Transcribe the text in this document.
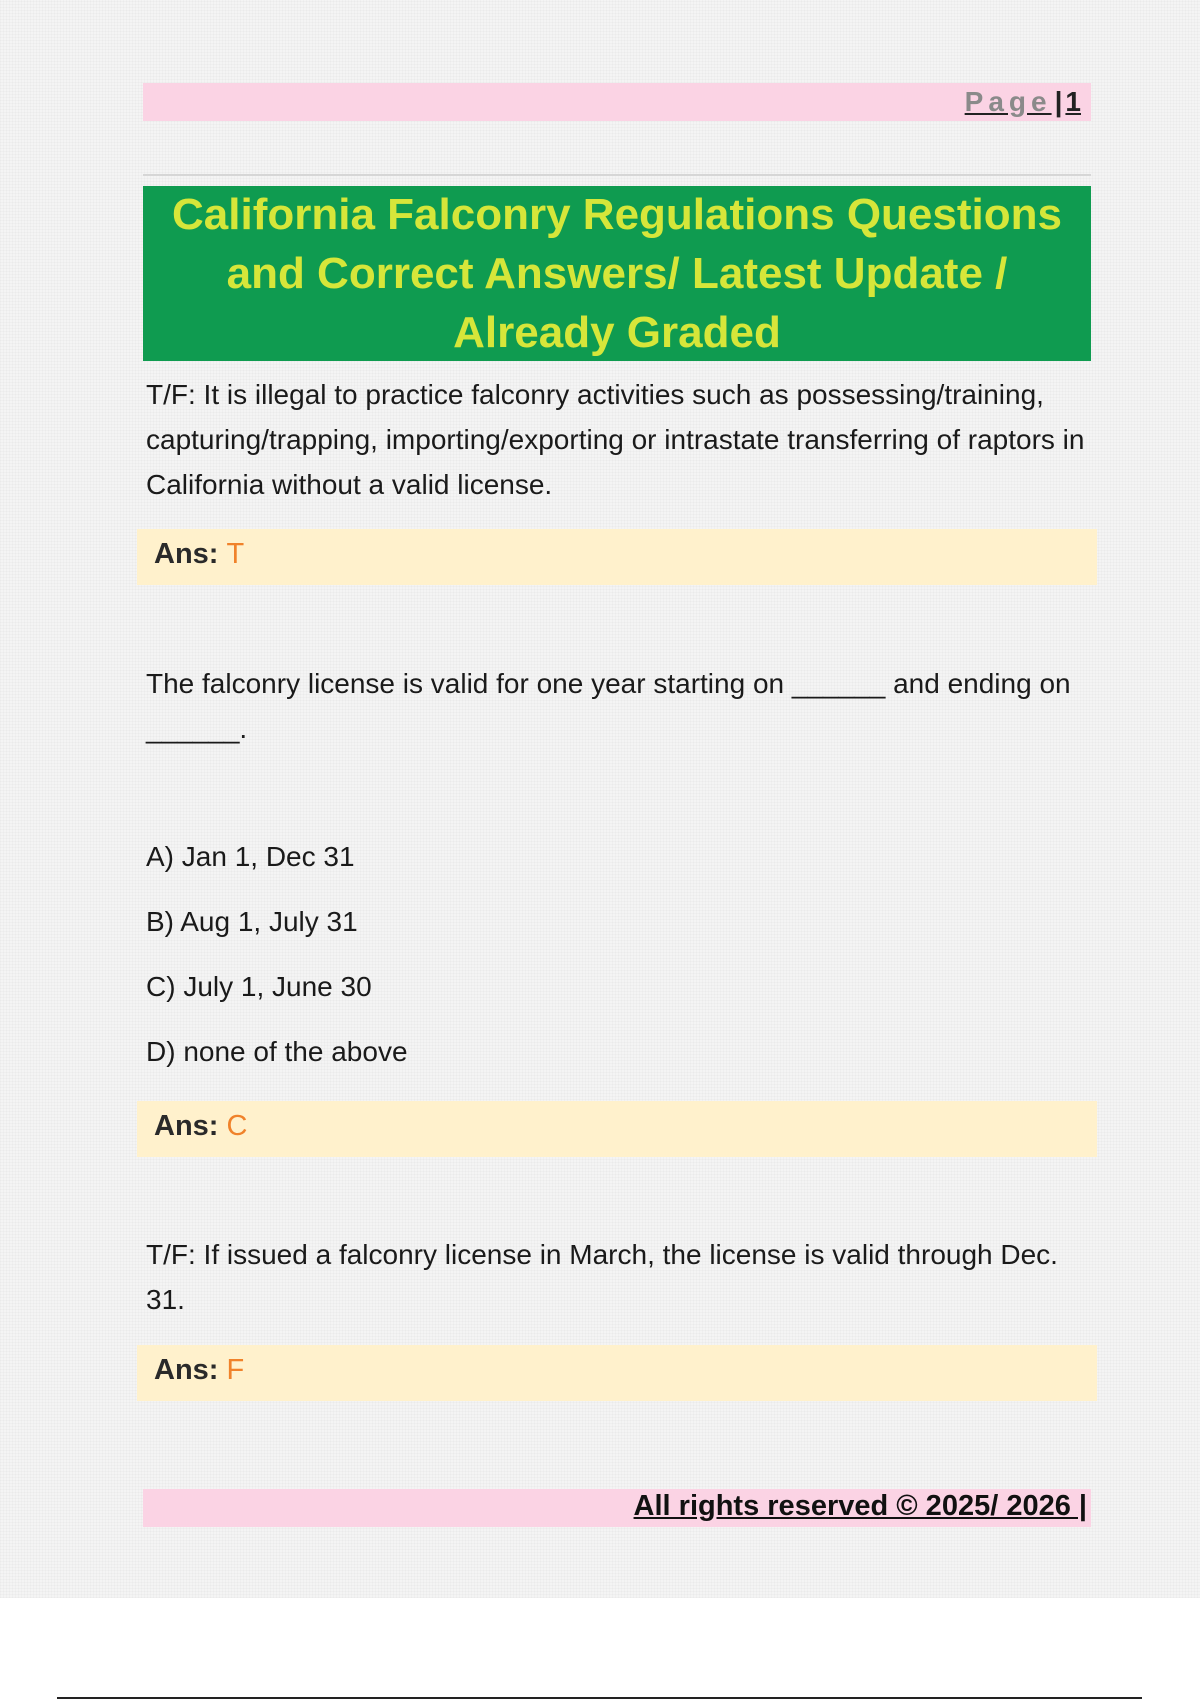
Page | 1
California Falconry Regulations Questions and Correct Answers/ Latest Update / Already Graded
T/F: It is illegal to practice falconry activities such as possessing/training, capturing/trapping, importing/exporting or intrastate transferring of raptors in California without a valid license.
Ans: T
The falconry license is valid for one year starting on ______ and ending on ______.
A) Jan 1, Dec 31
B) Aug 1, July 31
C) July 1, June 30
D) none of the above
Ans: C
T/F: If issued a falconry license in March, the license is valid through Dec. 31.
Ans: F
All rights reserved © 2025/ 2026 |
